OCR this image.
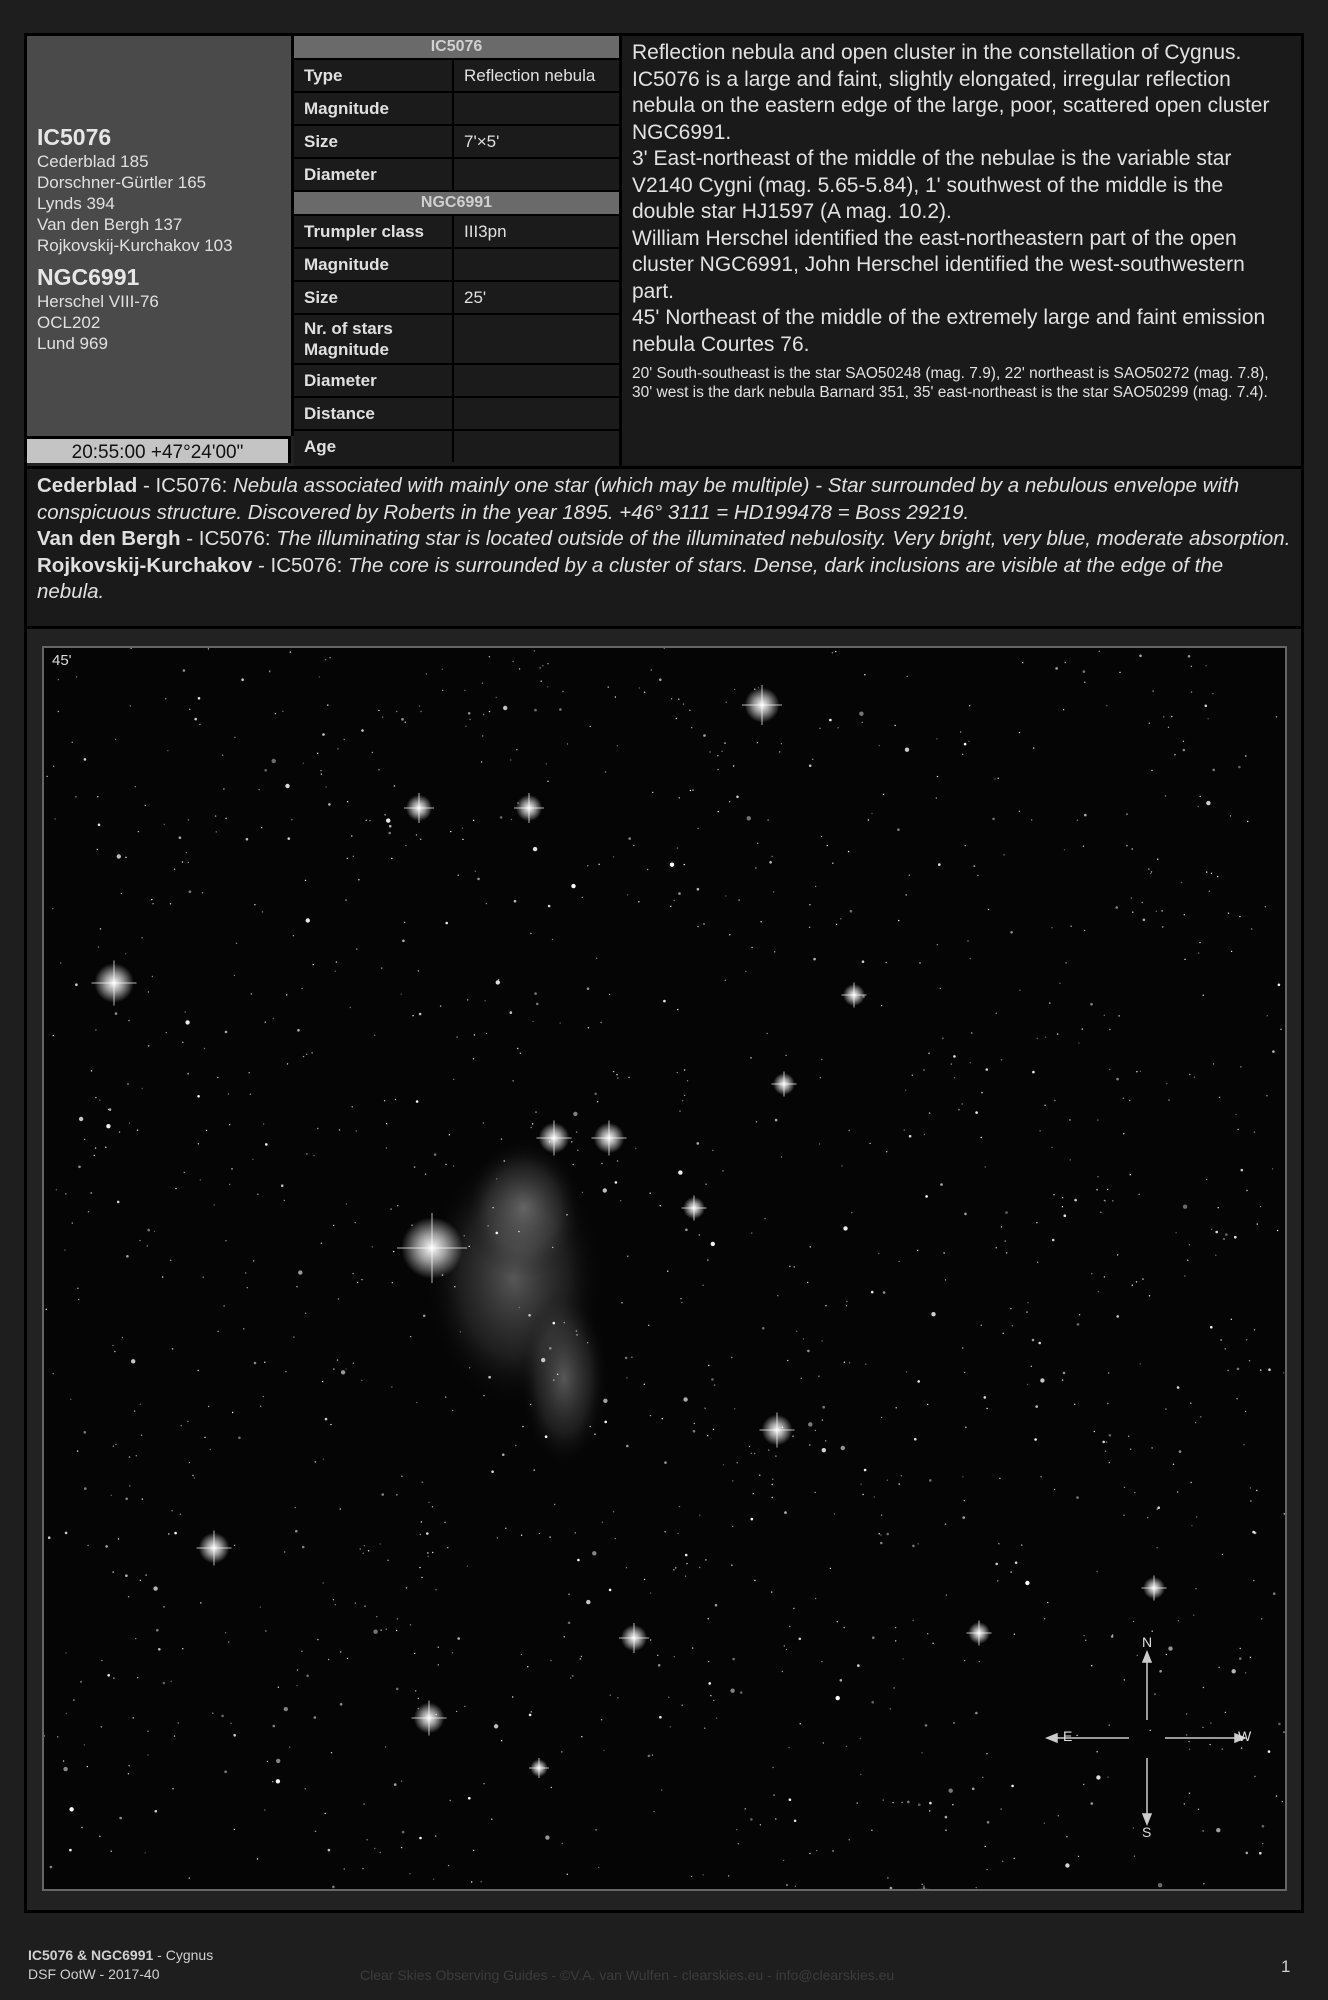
IC5076
Cederblad 185
Dorschner-Gürtler 165
Lynds 394
Van den Bergh 137
Rojkovskij-Kurchakov 103
NGC6991
Herschel VIII-76
OCL202
Lund 969
20:55:00 +47°24'00"
IC5076
Type	Reflection nebula
Magnitude
Size	7'×5'
Diameter
NGC6991
Trumpler class	III3pn
Magnitude
Size	25'
Nr. of stars
Magnitude
Diameter
Distance
Age

Reflection nebula and open cluster in the constellation of Cygnus.

IC5076 is a large and faint, slightly elongated, irregular reflection nebula on the eastern edge of the large, poor, scattered open cluster NGC6991.

3' East-northeast of the middle of the nebulae is the variable star V2140 Cygni (mag. 5.65-5.84), 1' southwest of the middle is the double star HJ1597 (A mag. 10.2).

William Herschel identified the east-northeastern part of the open cluster NGC6991, John Herschel identified the west-southwestern part.

45' Northeast of the middle of the extremely large and faint emission nebula Courtes 76.

20' South-southeast is the star SAO50248 (mag. 7.9), 22' northeast is SAO50272 (mag. 7.8), 30' west is the dark nebula Barnard 351, 35' east-northeast is the star SAO50299 (mag. 7.4).

Cederblad - IC5076: Nebula associated with mainly one star (which may be multiple) - Star surrounded by a nebulous envelope with conspicuous structure. Discovered by Roberts in the year 1895. +46° 3111 = HD199478 = Boss 29219.

Van den Bergh - IC5076: The illuminating star is located outside of the illuminated nebulosity. Very bright, very blue, moderate absorption.

Rojkovskij-Kurchakov - IC5076: The core is surrounded by a cluster of stars. Dense, dark inclusions are visible at the edge of the nebula.

45'
N
E	W
S
IC5076 & NGC6991 - Cygnus
DSF OotW - 2017-40	Clear Skies Observing Guides - ©V.A. van Wulfen - clearskies.eu - info@clearskies.eu	1
